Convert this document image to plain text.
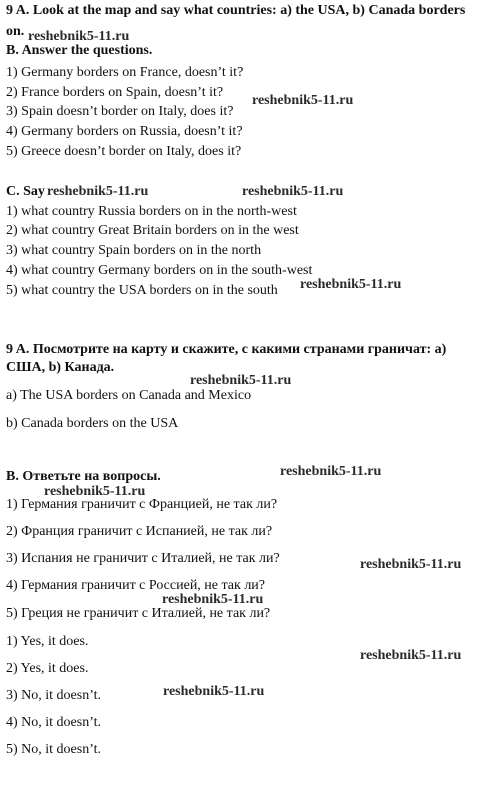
9 A. Look at the map and say what countries: a) the USA, b) Canada borders
on.
B. Answer the questions.
1) Germany borders on France, doesn’t it?
2) France borders on Spain, doesn’t it?
3) Spain doesn’t border on Italy, does it?
4) Germany borders on Russia, doesn’t it?
5) Greece doesn’t border on Italy, does it?
C. Say
1) what country Russia borders on in the north-west
2) what country Great Britain borders on in the west
3) what country Spain borders on in the north
4) what country Germany borders on in the south-west
5) what country the USA borders on in the south
9 A. Посмотрите на карту и скажите, с какими странами граничат: а)
США, b) Канада.
a) The USA borders on Canada and Mexico
b) Canada borders on the USA
B. Ответьте на вопросы.
1) Германия граничит с Францией, не так ли?
2) Франция граничит с Испанией, не так ли?
3) Испания не граничит с Италией, не так ли?
4) Германия граничит с Россией, не так ли?
5) Греция не граничит с Италией, не так ли?
1) Yes, it does.
2) Yes, it does.
3) No, it doesn’t.
4) No, it doesn’t.
5) No, it doesn’t.
reshebnik5-11.ru
reshebnik5-11.ru
reshebnik5-11.ru	reshebnik5-11.ru
reshebnik5-11.ru
reshebnik5-11.ru
reshebnik5-11.ru
reshebnik5-11.ru
reshebnik5-11.ru
reshebnik5-11.ru
reshebnik5-11.ru
reshebnik5-11.ru
